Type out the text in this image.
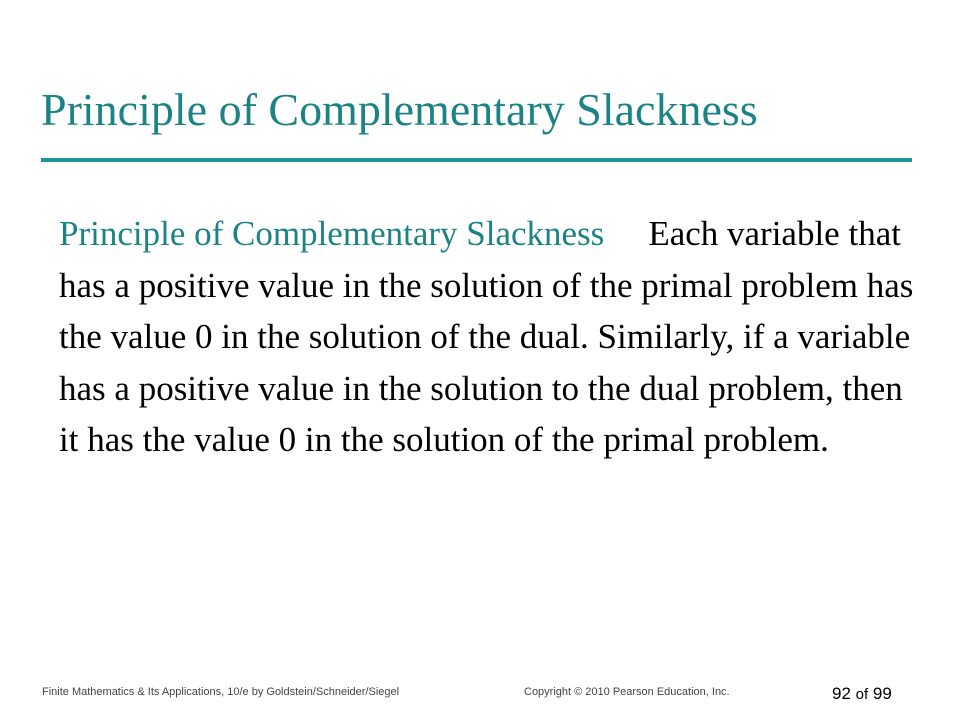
Principle of Complementary Slackness

Principle of Complementary Slackness Each variable that has a positive value in the solution of the primal problem has the value 0 in the solution of the dual. Similarly, if a variable has a positive value in the solution to the dual problem, then it has the value 0 in the solution of the primal problem.

Finite Mathematics & Its Applications, 10/e by Goldstein/Schneider/Siegel	Copyright © 2010 Pearson Education, Inc.	92 of 99
